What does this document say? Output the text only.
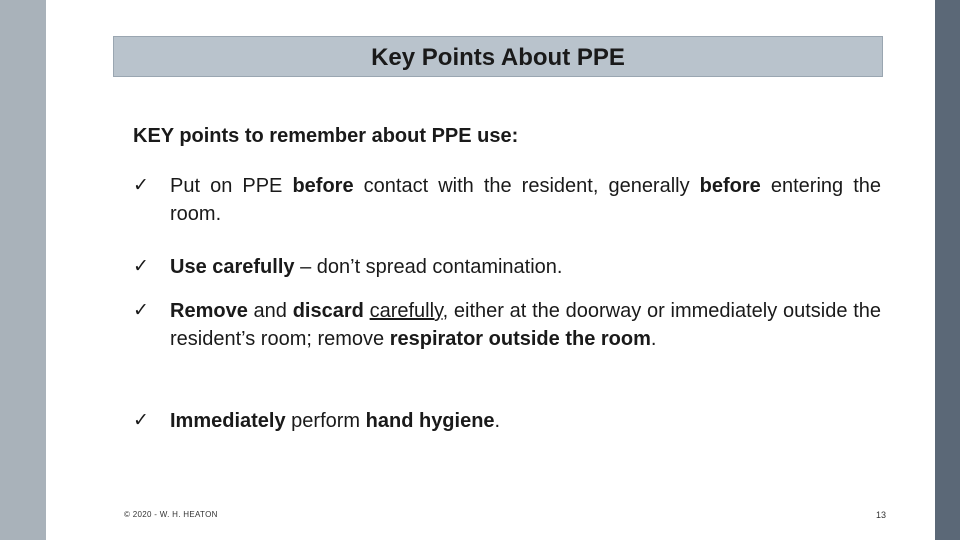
Key Points About PPE
KEY points to remember about PPE use:
✓	Put on PPE before contact with the resident, generally before entering the room.
✓	Use carefully – don’t spread contamination.
✓	Remove and discard carefully, either at the doorway or immediately outside the resident’s room; remove respirator outside the room.
✓	Immediately perform hand hygiene.
© 2020 - W. H. HEATON	13
